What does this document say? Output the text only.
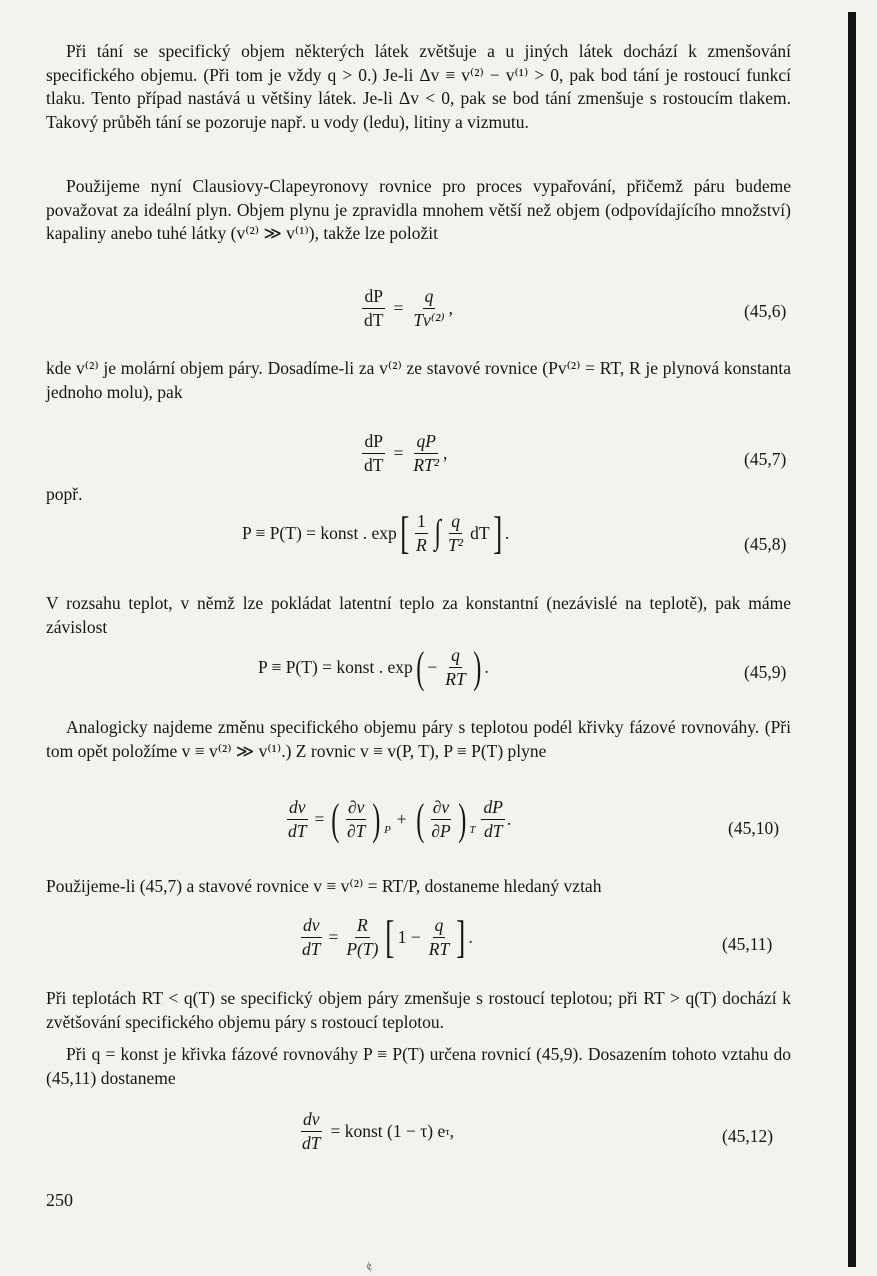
Při tání se specifický objem některých látek zvětšuje a u jiných látek dochází k zmenšování specifického objemu. (Při tom je vždy q > 0.) Je-li Δv ≡ v⁽²⁾ − v⁽¹⁾ > 0, pak bod tání je rostoucí funkcí tlaku. Tento případ nastává u většiny látek. Je-li Δv < 0, pak se bod tání zmenšuje s rostoucím tlakem. Takový průběh tání se pozoruje např. u vody (ledu), litiny a vizmutu.
Použijeme nyní Clausiovy-Clapeyronovy rovnice pro proces vypařování, přičemž páru budeme považovat za ideální plyn. Objem plynu je zpravidla mnohem větší než objem (odpovídajícího množství) kapaliny anebo tuhé látky (v⁽²⁾ ≫ v⁽¹⁾), takže lze položit
$\frac{dP}{dT} = \frac{q}{\text{Tv⁽²⁾}}$ ,	(45,6)
kde v⁽²⁾ je molární objem páry. Dosadíme-li za v⁽²⁾ ze stavové rovnice (Pv⁽²⁾ = RT, R je plynová konstanta jednoho molu), pak
$\frac{dP}{dT} = \frac{qP}{\text{RT²}}$ ,	(45,7)
popř.
P ≡ P(T) = konst . exp [ $\frac{1}{R}$ ∫ $\frac{q}{\text{T²}}$ dT ] .
(45,8)
V rozsahu teplot, v němž lze pokládat latentní teplo za konstantní (nezávislé na teplotě), pak máme závislost
P ≡ P(T) = konst . exp ( − $\frac{q}{RT}$ ) .	(45,9)
Analogicky najdeme změnu specifického objemu páry s teplotou podél křivky fázové rovnováhy. (Při tom opět položíme v ≡ v⁽²⁾ ≫ v⁽¹⁾.) Z rovnic v ≡ v(P, T), P ≡ P(T) plyne
$\frac{dv}{dT}$ = ( $\frac{\partial v}{\partial T}$ ) P
+ ( $\frac{\partial v}{\partial P}$ ) T $\frac{dP}{dT}$ .	(45,10)
Použijeme-li (45,7) a stavové rovnice v ≡ v⁽²⁾ = RT/P, dostaneme hledaný vztah
$\frac{dv}{dT} = \frac{R}{P(T)}$ [ $1 - \frac{q}{RT}$ ] .	(45,11)
Při teplotách RT < q(T) se specifický objem páry zmenšuje s rostoucí teplotou; při RT > q(T) dochází k zvětšování specifického objemu páry s rostoucí teplotou.
Při q = konst je křivka fázové rovnováhy P ≡ P(T) určena rovnicí (45,9). Dosazením tohoto vztahu do (45,11) dostaneme
$\frac{dv}{dT}$ = konst (1 − τ) e τ ,	(45,12)
250
ɇ
